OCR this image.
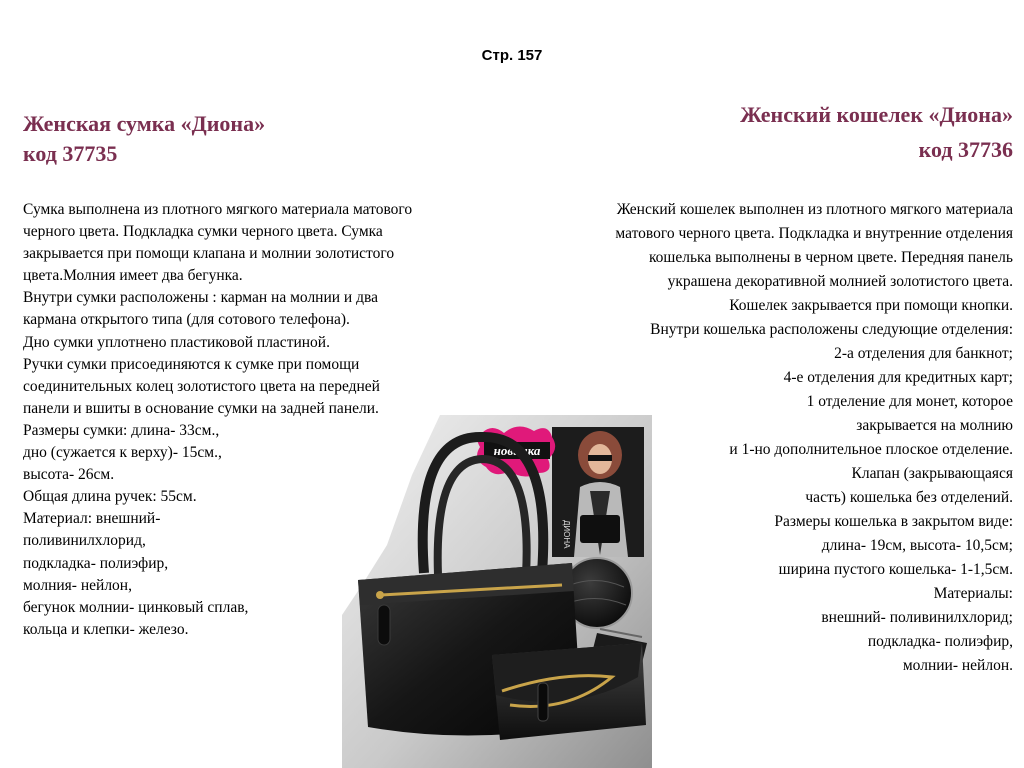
Стр. 157
Женская сумка «Диона»
код 37735
Женский кошелек «Диона»
код 37736
Сумка выполнена из плотного мягкого материала матового
черного цвета. Подкладка сумки черного цвета. Сумка
закрывается при помощи клапана и молнии золотистого
цвета.Молния имеет два бегунка.
Внутри сумки расположены : карман на молнии и два
кармана открытого типа (для сотового телефона).
Дно сумки уплотнено пластиковой пластиной.
Ручки сумки присоединяются к сумке при помощи
соединительных колец золотистого цвета на передней
панели и вшиты в основание сумки на задней панели.
Размеры сумки: длина- 33см.,
дно (сужается к верху)- 15см.,
высота- 26см.
Общая длина ручек: 55см.
Материал: внешний-
поливинилхлорид,
подкладка- полиэфир,
молния- нейлон,
бегунок молнии- цинковый сплав,
кольца и клепки- железо.
Женский кошелек выполнен из плотного мягкого материала
матового черного цвета. Подкладка и внутренние отделения
кошелька выполнены в черном цвете. Передняя панель
украшена декоративной молнией золотистого цвета.
Кошелек закрывается при помощи кнопки.
Внутри кошелька расположены следующие отделения:
2-а отделения для банкнот;
4-е отделения для кредитных карт;
1 отделение для монет, которое
закрывается на молнию
и 1-но дополнительное плоское отделение.
Клапан (закрывающаяся
часть) кошелька без отделений.
Размеры кошелька в закрытом виде:
длина- 19см, высота- 10,5см;
ширина пустого кошелька- 1-1,5см.
Материалы:
внешний- поливинилхлорид;
подкладка- полиэфир,
молнии- нейлон.
ДИОНА
новинка
